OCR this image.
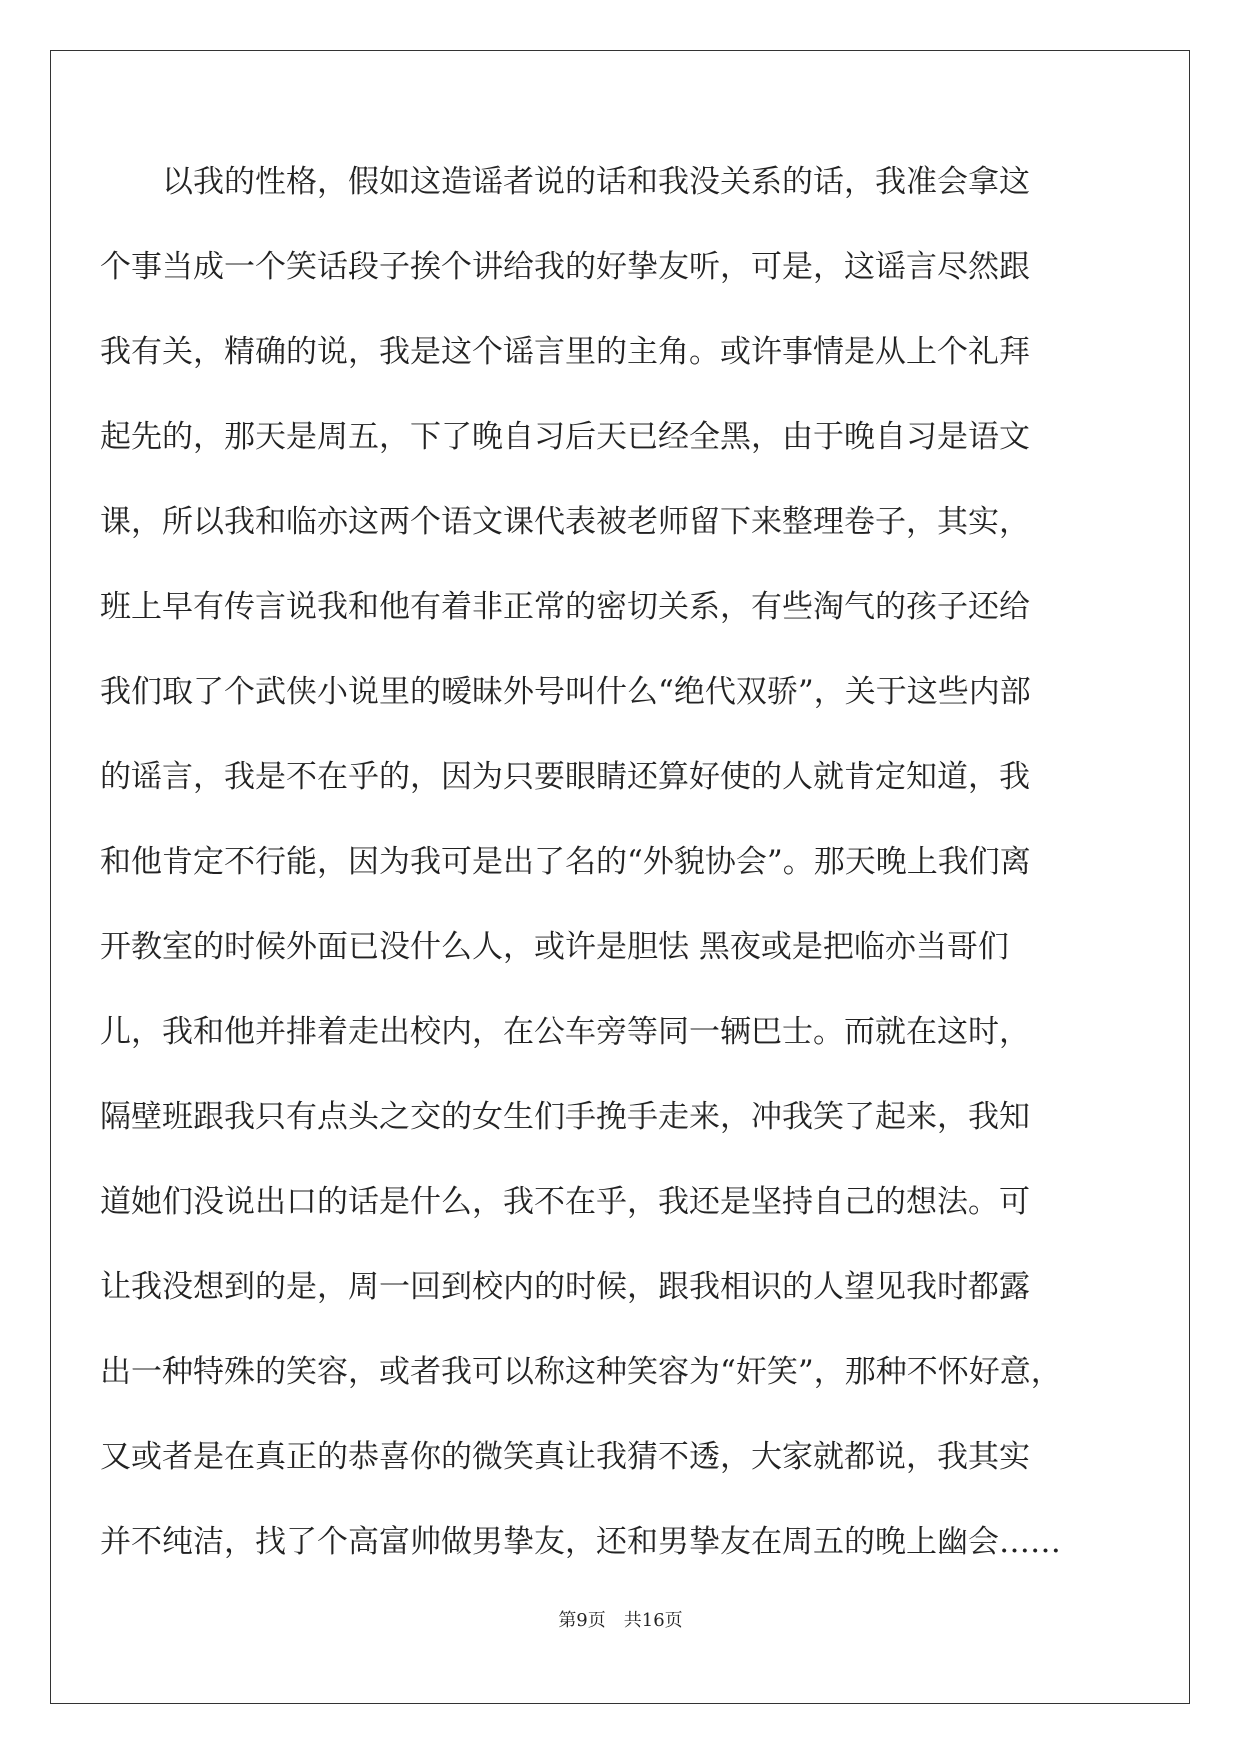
以我的性格，假如这造谣者说的话和我没关系的话，我准会拿这
个事当成一个笑话段子挨个讲给我的好挚友听，可是，这谣言尽然跟
我有关，精确的说，我是这个谣言里的主角。或许事情是从上个礼拜
起先的，那天是周五，下了晚自习后天已经全黑，由于晚自习是语文
课，所以我和临亦这两个语文课代表被老师留下来整理卷子，其实，
班上早有传言说我和他有着非正常的密切关系，有些淘气的孩子还给
我们取了个武侠小说里的暧昧外号叫什么“绝代双骄”，关于这些内部
的谣言，我是不在乎的，因为只要眼睛还算好使的人就肯定知道，我
和他肯定不行能，因为我可是出了名的“外貌协会”。那天晚上我们离
开教室的时候外面已没什么人，或许是胆怯 黑夜或是把临亦当哥们
儿，我和他并排着走出校内，在公车旁等同一辆巴士。而就在这时，
隔壁班跟我只有点头之交的女生们手挽手走来，冲我笑了起来，我知
道她们没说出口的话是什么，我不在乎，我还是坚持自己的想法。可
让我没想到的是，周一回到校内的时候，跟我相识的人望见我时都露
出一种特殊的笑容，或者我可以称这种笑容为“奸笑”，那种不怀好意，
又或者是在真正的恭喜你的微笑真让我猜不透，大家就都说，我其实
并不纯洁，找了个高富帅做男挚友，还和男挚友在周五的晚上幽会……
第9页　共16页
